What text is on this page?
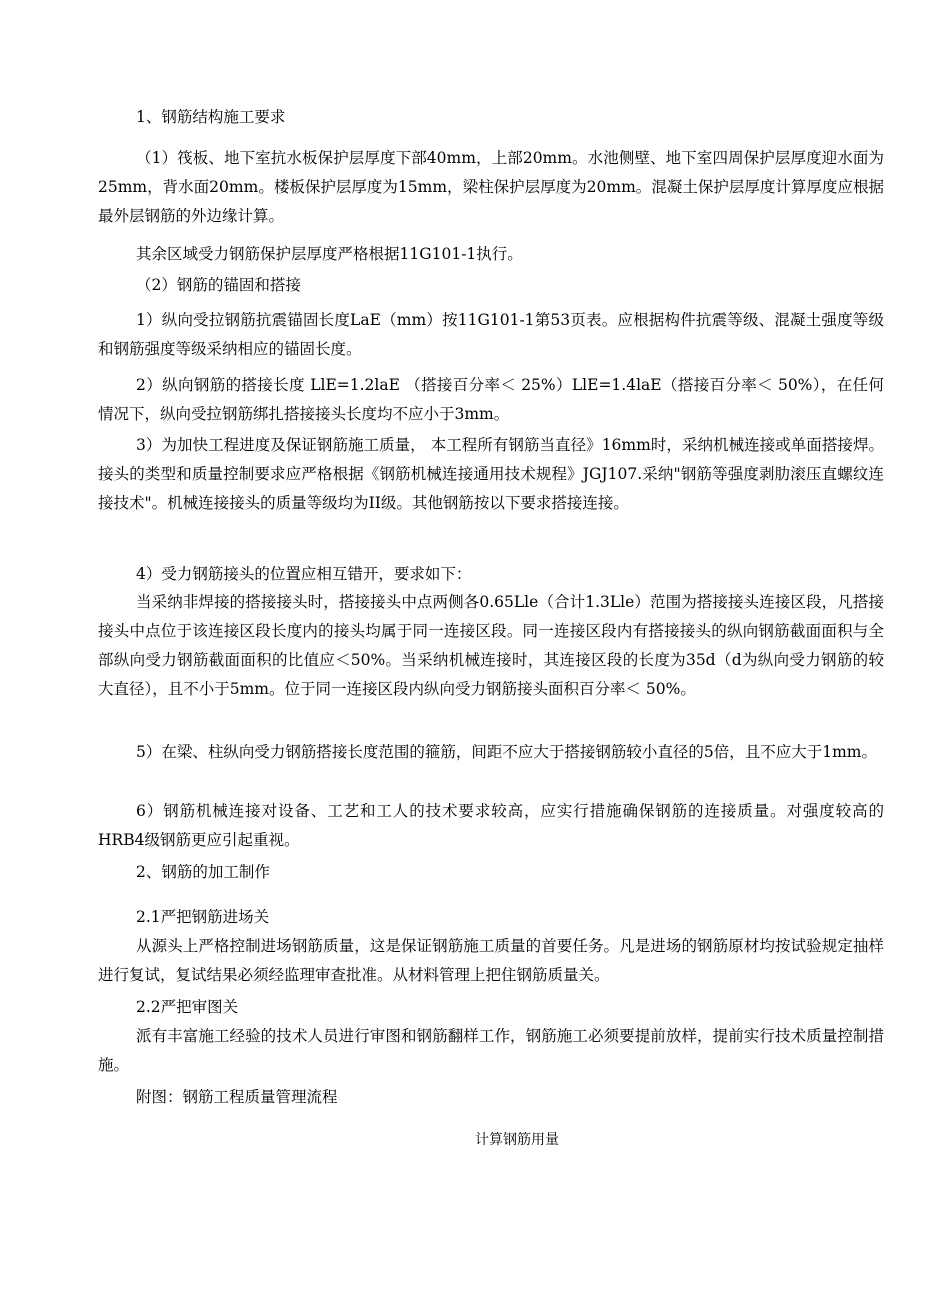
1、钢筋结构施工要求

（1）筏板、地下室抗水板保护层厚度下部40mm，上部20mm。水池侧壁、地下室四周保护层厚度迎水面为25mm，背水面20mm。楼板保护层厚度为15mm，梁柱保护层厚度为20mm。混凝土保护层厚度计算厚度应根据最外层钢筋的外边缘计算。

其余区域受力钢筋保护层厚度严格根据11G101-1执行。

（2）钢筋的锚固和搭接

1）纵向受拉钢筋抗震锚固长度LaE（mm）按11G101-1第53页表。应根据构件抗震等级、混凝土强度等级和钢筋强度等级采纳相应的锚固长度。

2）纵向钢筋的搭接长度 LlE=1.2laE （搭接百分率＜ 25%）LlE=1.4laE（搭接百分率＜ 50%），在任何情况下，纵向受拉钢筋绑扎搭接接头长度均不应小于3mm。

3）为加快工程进度及保证钢筋施工质量， 本工程所有钢筋当直径》16mm时，采纳机械连接或单面搭接焊。接头的类型和质量控制要求应严格根据《钢筋机械连接通用技术规程》JGJ107.采纳"钢筋等强度剥肋滚压直螺纹连接技术"。机械连接接头的质量等级均为II级。其他钢筋按以下要求搭接连接。

4）受力钢筋接头的位置应相互错开，要求如下：

当采纳非焊接的搭接接头时，搭接接头中点两侧各0.65Lle（合计1.3Lle）范围为搭接接头连接区段，凡搭接接头中点位于该连接区段长度内的接头均属于同一连接区段。同一连接区段内有搭接接头的纵向钢筋截面面积与全部纵向受力钢筋截面面积的比值应＜50%。当采纳机械连接时，其连接区段的长度为35d（d为纵向受力钢筋的较大直径），且不小于5mm。位于同一连接区段内纵向受力钢筋接头面积百分率＜ 50%。

5）在梁、柱纵向受力钢筋搭接长度范围的箍筋，间距不应大于搭接钢筋较小直径的5倍，且不应大于1mm。

6）钢筋机械连接对设备、工艺和工人的技术要求较高，应实行措施确保钢筋的连接质量。对强度较高的HRB4级钢筋更应引起重视。

2、钢筋的加工制作

2.1严把钢筋进场关

从源头上严格控制进场钢筋质量，这是保证钢筋施工质量的首要任务。凡是进场的钢筋原材均按试验规定抽样进行复试，复试结果必须经监理审查批准。从材料管理上把住钢筋质量关。

2.2严把审图关

派有丰富施工经验的技术人员进行审图和钢筋翻样工作，钢筋施工必须要提前放样，提前实行技术质量控制措施。

附图：钢筋工程质量管理流程

计算钢筋用量
